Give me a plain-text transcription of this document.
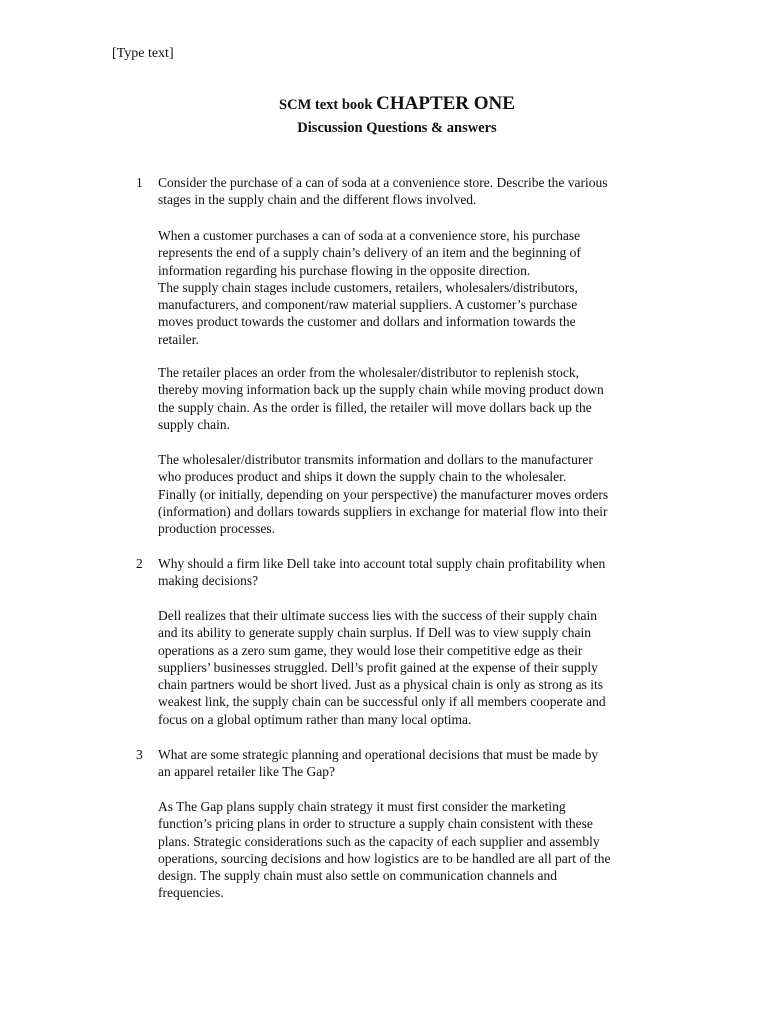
[Type text]
SCM text book CHAPTER ONE
Discussion Questions & answers
1 Consider the purchase of a can of soda at a convenience store. Describe the various
stages in the supply chain and the different flows involved.
When a customer purchases a can of soda at a convenience store, his purchase
represents the end of a supply chain’s delivery of an item and the beginning of
information regarding his purchase flowing in the opposite direction.
The supply chain stages include customers, retailers, wholesalers/distributors,
manufacturers, and component/raw material suppliers. A customer’s purchase
moves product towards the customer and dollars and information towards the
retailer.
The retailer places an order from the wholesaler/distributor to replenish stock,
thereby moving information back up the supply chain while moving product down
the supply chain. As the order is filled, the retailer will move dollars back up the
supply chain.
The wholesaler/distributor transmits information and dollars to the manufacturer
who produces product and ships it down the supply chain to the wholesaler.
Finally (or initially, depending on your perspective) the manufacturer moves orders
(information) and dollars towards suppliers in exchange for material flow into their
production processes.
2 Why should a firm like Dell take into account total supply chain profitability when
making decisions?
Dell realizes that their ultimate success lies with the success of their supply chain
and its ability to generate supply chain surplus. If Dell was to view supply chain
operations as a zero sum game, they would lose their competitive edge as their
suppliers’ businesses struggled. Dell’s profit gained at the expense of their supply
chain partners would be short lived. Just as a physical chain is only as strong as its
weakest link, the supply chain can be successful only if all members cooperate and
focus on a global optimum rather than many local optima.
3 What are some strategic planning and operational decisions that must be made by
an apparel retailer like The Gap?
As The Gap plans supply chain strategy it must first consider the marketing
function’s pricing plans in order to structure a supply chain consistent with these
plans. Strategic considerations such as the capacity of each supplier and assembly
operations, sourcing decisions and how logistics are to be handled are all part of the
design. The supply chain must also settle on communication channels and
frequencies.
